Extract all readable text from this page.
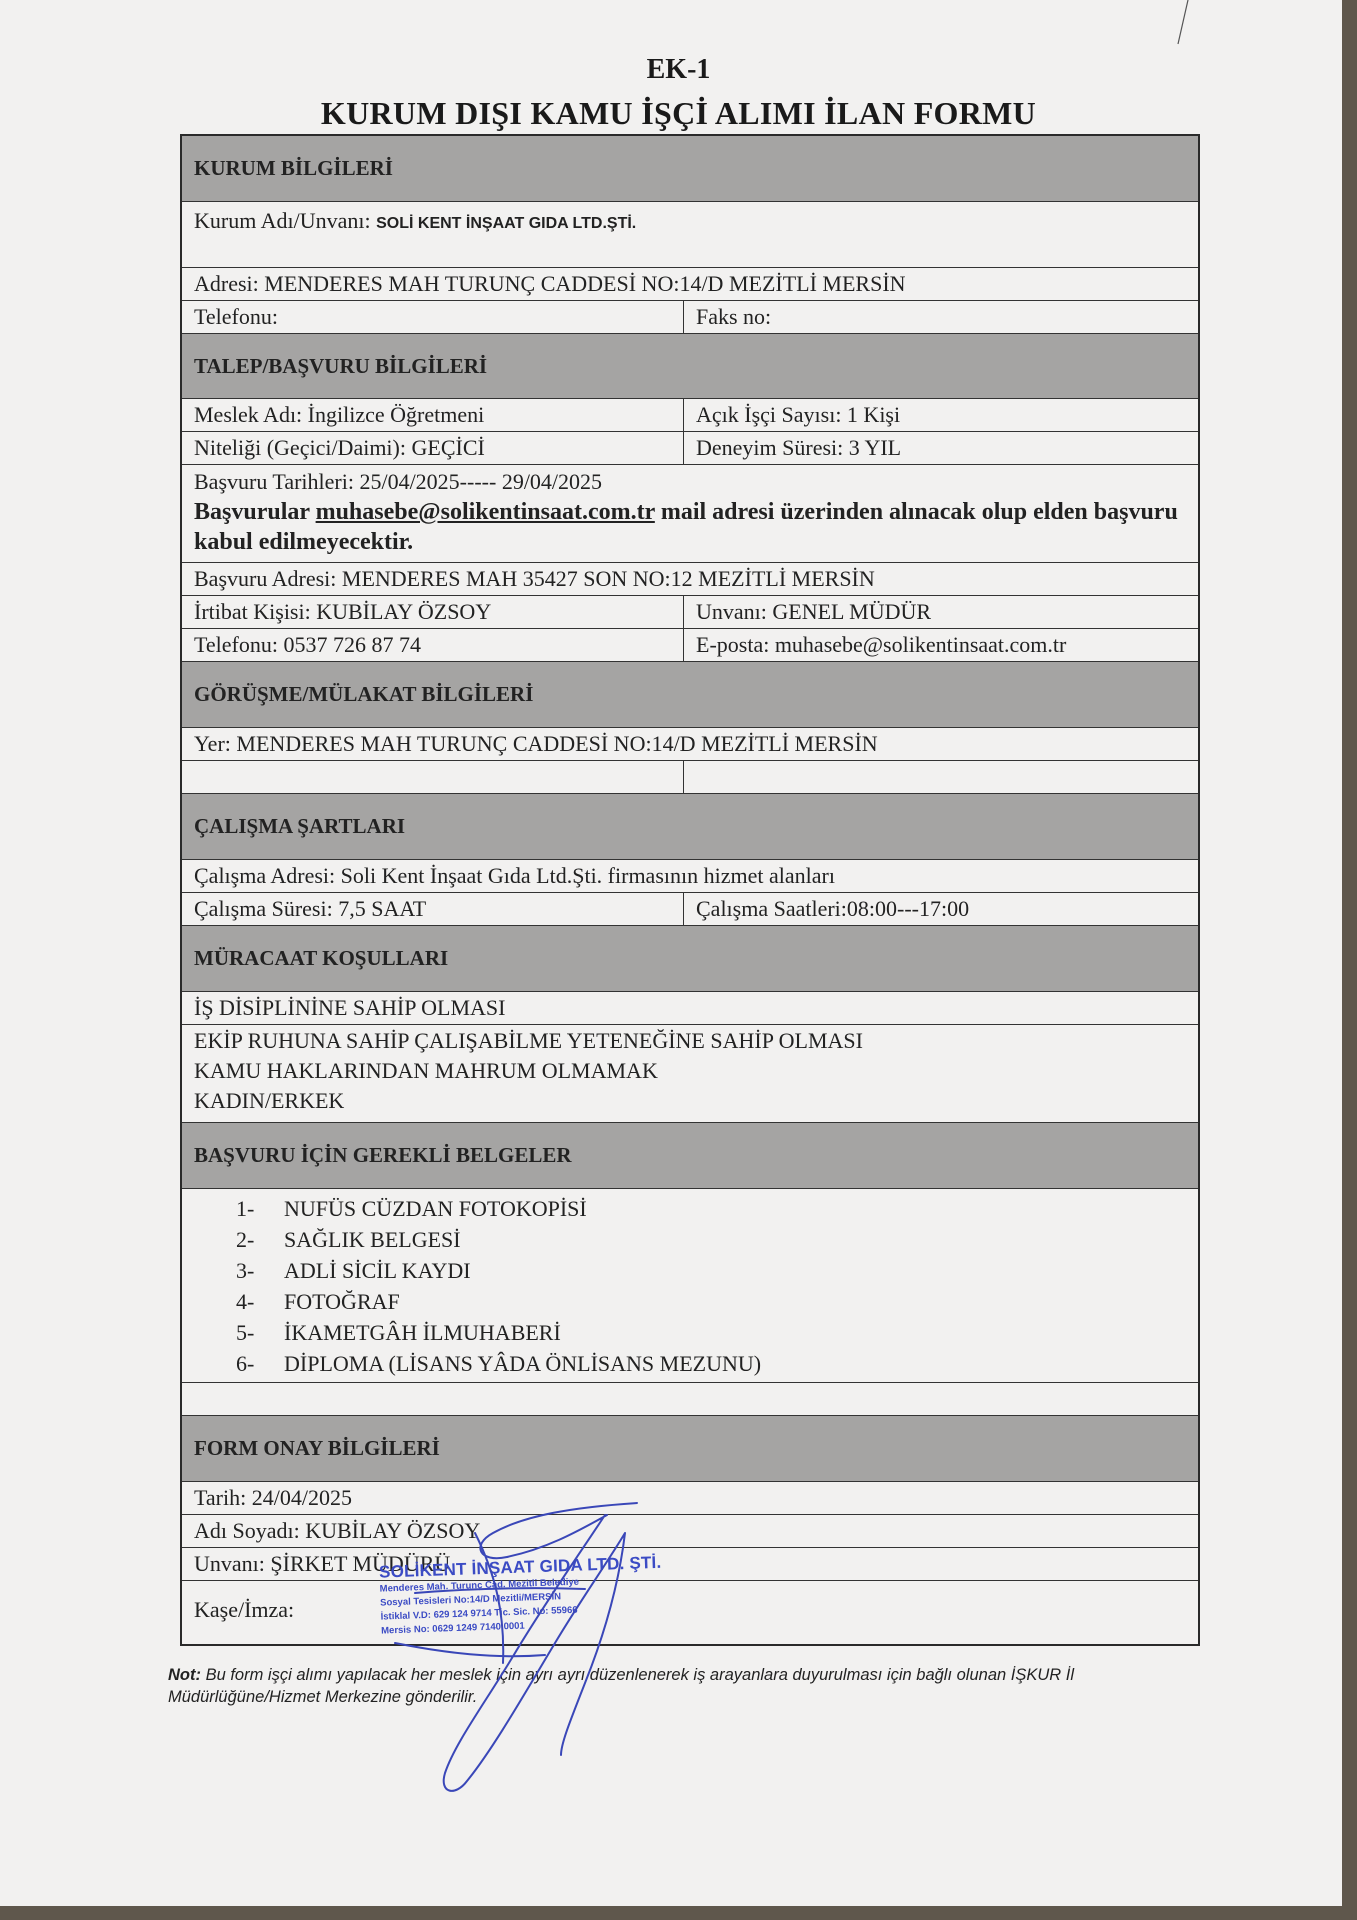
EK-1
KURUM DIŞI KAMU İŞÇİ ALIMI İLAN FORMU
KURUM BİLGİLERİ
Kurum Adı/Unvanı: SOLİ KENT İNŞAAT GIDA LTD.ŞTİ.
Adresi: MENDERES MAH TURUNÇ CADDESİ NO:14/D MEZİTLİ MERSİN
Telefonu:	Faks no:
TALEP/BAŞVURU BİLGİLERİ
Meslek Adı: İngilizce Öğretmeni	Açık İşçi Sayısı: 1 Kişi
Niteliği (Geçici/Daimi): GEÇİCİ	Deneyim Süresi: 3 YIL
Başvuru Tarihleri: 25/04/2025----- 29/04/2025
Başvurular muhasebe@solikentinsaat.com.tr mail adresi üzerinden alınacak olup elden başvuru kabul edilmeyecektir.
Başvuru Adresi: MENDERES MAH 35427 SON NO:12 MEZİTLİ MERSİN
İrtibat Kişisi: KUBİLAY ÖZSOY	Unvanı: GENEL MÜDÜR
Telefonu: 0537 726 87 74	E-posta: muhasebe@solikentinsaat.com.tr
GÖRÜŞME/MÜLAKAT BİLGİLERİ
Yer: MENDERES MAH TURUNÇ CADDESİ NO:14/D MEZİTLİ MERSİN
ÇALIŞMA ŞARTLARI
Çalışma Adresi: Soli Kent İnşaat Gıda Ltd.Şti. firmasının hizmet alanları
Çalışma Süresi: 7,5 SAAT	Çalışma Saatleri:08:00---17:00
MÜRACAAT KOŞULLARI
İŞ DİSİPLİNİNE SAHİP OLMASI
EKİP RUHUNA SAHİP ÇALIŞABİLME YETENEĞİNE SAHİP OLMASI
KAMU HAKLARINDAN MAHRUM OLMAMAK
KADIN/ERKEK
BAŞVURU İÇİN GEREKLİ BELGELER
1- NUFÜS CÜZDAN FOTOKOPİSİ
2- SAĞLIK BELGESİ
3- ADLİ SİCİL KAYDI
4- FOTOĞRAF
5- İKAMETGÂH İLMUHABERİ
6- DİPLOMA (LİSANS YÂDA ÖNLİSANS MEZUNU)
FORM ONAY BİLGİLERİ
Tarih: 24/04/2025
Adı Soyadı: KUBİLAY ÖZSOY
Unvanı: ŞİRKET MÜDÜRÜ
Kaşe/İmza:
Not: Bu form işçi alımı yapılacak her meslek için ayrı ayrı düzenlenerek iş arayanlara duyurulması için bağlı olunan İŞKUR İl Müdürlüğüne/Hizmet Merkezine gönderilir.
SOLİKENT İNŞAAT GIDA LTD. ŞTİ.
Menderes Mah. Turunç Cad. Mezitli Belediye
Sosyal Tesisleri No:14/D Mezitli/MERSİN
İstiklal V.D: 629 124 9714 Tic. Sic. No: 55966
Mersis No: 0629 1249 7140 0001
